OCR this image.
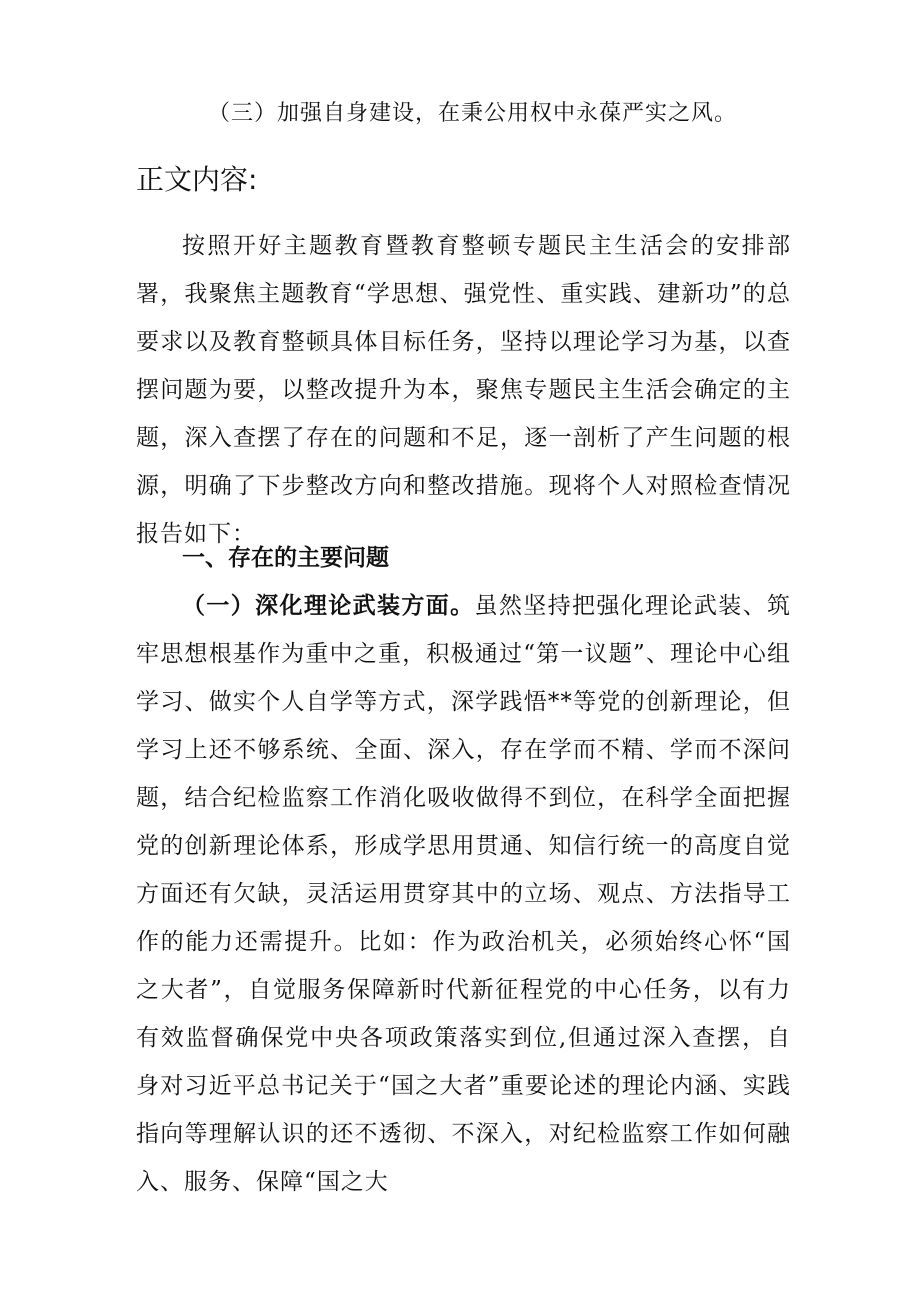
（三）加强自身建设，在秉公用权中永葆严实之风。
正文内容:

按照开好主题教育暨教育整顿专题民主生活会的安排部署，我聚焦主题教育“学思想、强党性、重实践、建新功”的总要求以及教育整顿具体目标任务，坚持以理论学习为基，以查摆问题为要，以整改提升为本，聚焦专题民主生活会确定的主题，深入查摆了存在的问题和不足，逐一剖析了产生问题的根源，明确了下步整改方向和整改措施。现将个人对照检查情况报告如下：

一、存在的主要问题

（一）深化理论武装方面。虽然坚持把强化理论武装、筑牢思想根基作为重中之重，积极通过“第一议题”、理论中心组学习、做实个人自学等方式，深学践悟**等党的创新理论，但学习上还不够系统、全面、深入，存在学而不精、学而不深问题，结合纪检监察工作消化吸收做得不到位，在科学全面把握党的创新理论体系，形成学思用贯通、知信行统一的高度自觉方面还有欠缺，灵活运用贯穿其中的立场、观点、方法指导工作的能力还需提升。比如：作为政治机关，必须始终心怀“国之大者”，自觉服务保障新时代新征程党的中心任务，以有力有效监督确保党中央各项政策落实到位,但通过深入查摆，自身对习近平总书记关于“国之大者”重要论述的理论内涵、实践指向等理解认识的还不透彻、不深入，对纪检监察工作如何融入、服务、保障“国之大
